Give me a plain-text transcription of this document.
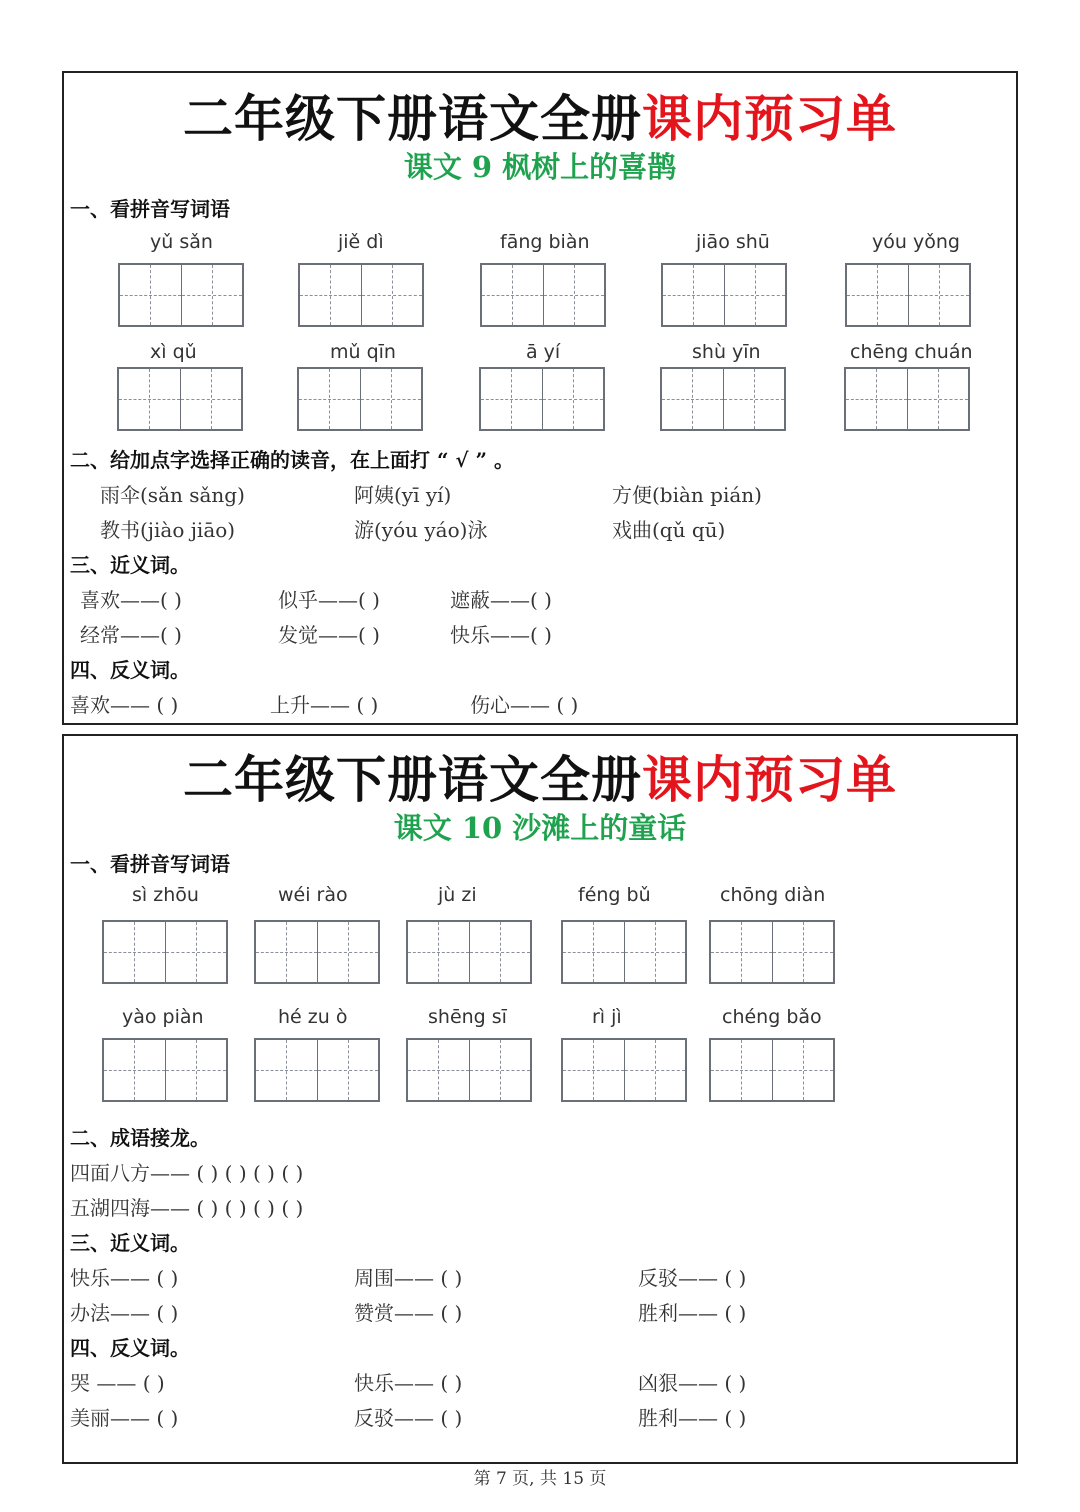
二年级下册语文全册课内预习单
课文 9 枫树上的喜鹊
一、看拼音写词语
yǔ sǎn	jiě dì	fāng biàn	jiāo shū	yóu yǒng
xì qǔ	mǔ qīn	ā yí	shù yīn	chēng chuán
二、给加点字选择正确的读音，在上面打 “ √ ” 。
雨伞(sǎn sǎng)	阿姨(yī yí)	方便(biàn pián)
教书(jiào jiāo)	游(yóu yáo)泳	戏曲(qǔ qū)
三、近义词。
喜欢——( )	似乎——( )	遮蔽——( )
经常——( )	发觉——( )	快乐——( )
四、反义词。
喜欢—— ( )	上升—— ( )	伤心—— ( )
二年级下册语文全册课内预习单
课文 10 沙滩上的童话
一、看拼音写词语
sì zhōu	wéi rào	jù zi	féng bǔ	chōng diàn
yào piàn	hé zu ò	shēng sī	rì jì	chéng bǎo
二、成语接龙。
四面八方—— ( ) ( ) ( ) ( )
五湖四海—— ( ) ( ) ( ) ( )
三、近义词。
快乐—— ( )	周围—— ( )	反驳—— ( )
办法—— ( )	赞赏—— ( )	胜利—— ( )
四、反义词。
哭 —— ( )	快乐—— ( )	凶狠—— ( )
美丽—— ( )	反驳—— ( )	胜利—— ( )
第 7 页, 共 15 页
